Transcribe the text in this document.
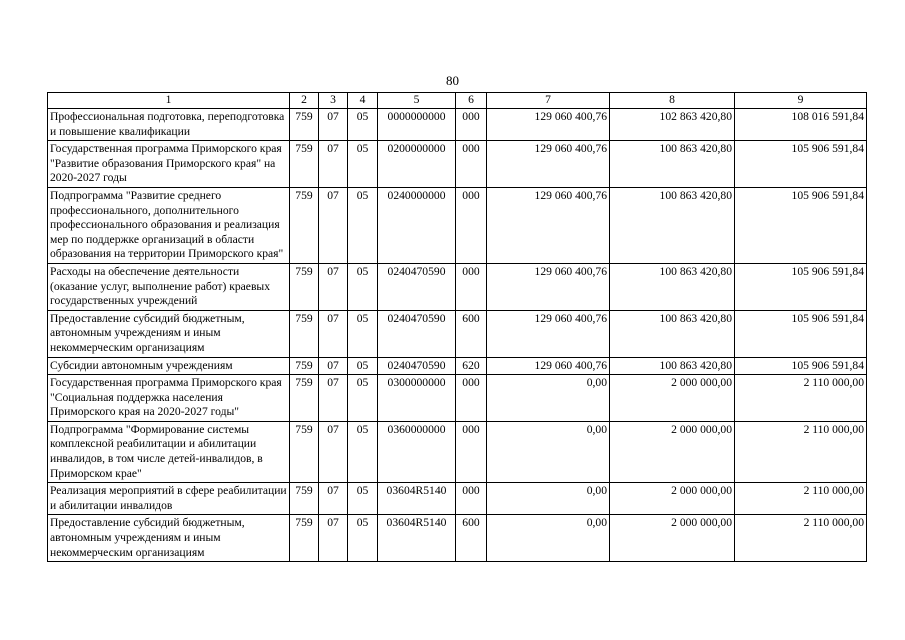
80
1	2	3	4	5	6	7	8	9
Профессиональная подготовка, переподготовка и повышение квалификации	759	07	05	0000000000	000	129 060 400,76	102 863 420,80	108 016 591,84
Государственная программа Приморского края "Развитие образования Приморского края" на 2020-2027 годы	759	07	05	0200000000	000	129 060 400,76	100 863 420,80	105 906 591,84
Подпрограмма "Развитие среднего профессионального, дополнительного профессионального образования и реализация мер по поддержке организаций в области образования на территории Приморского края"	759	07	05	0240000000	000	129 060 400,76	100 863 420,80	105 906 591,84
Расходы на обеспечение деятельности (оказание услуг, выполнение работ) краевых государственных учреждений	759	07	05	0240470590	000	129 060 400,76	100 863 420,80	105 906 591,84
Предоставление субсидий бюджетным, автономным учреждениям и иным некоммерческим организациям	759	07	05	0240470590	600	129 060 400,76	100 863 420,80	105 906 591,84
Субсидии автономным учреждениям	759	07	05	0240470590	620	129 060 400,76	100 863 420,80	105 906 591,84
Государственная программа Приморского края "Социальная поддержка населения Приморского края на 2020-2027 годы"	759	07	05	0300000000	000	0,00	2 000 000,00	2 110 000,00
Подпрограмма "Формирование системы комплексной реабилитации и абилитации инвалидов, в том числе детей-инвалидов, в Приморском крае"	759	07	05	0360000000	000	0,00	2 000 000,00	2 110 000,00
Реализация мероприятий в сфере реабилитации и абилитации инвалидов	759	07	05	03604R5140	000	0,00	2 000 000,00	2 110 000,00
Предоставление субсидий бюджетным, автономным учреждениям и иным некоммерческим организациям	759	07	05	03604R5140	600	0,00	2 000 000,00	2 110 000,00
